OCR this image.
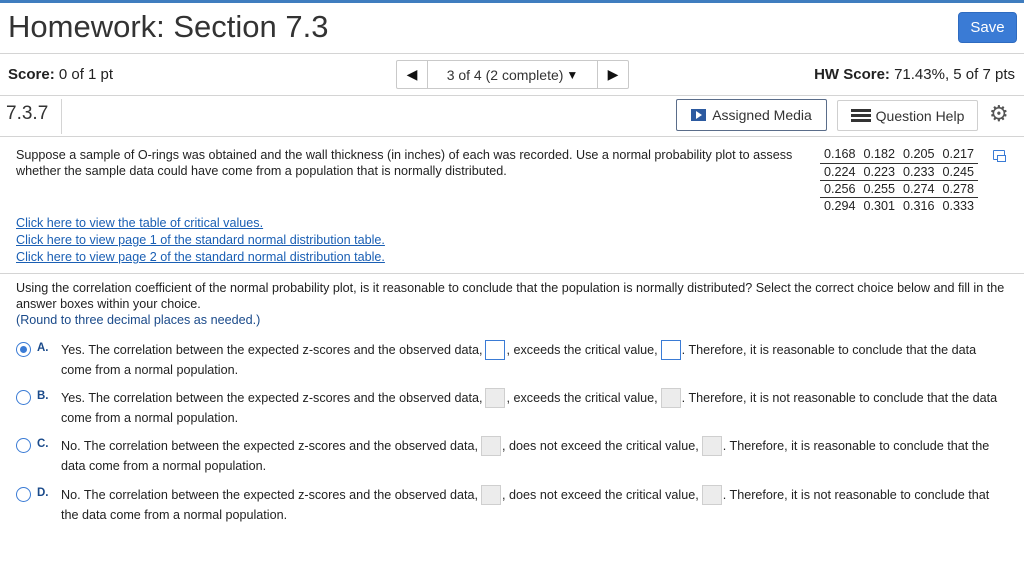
Homework: Section 7.3	Save
Score: 0 of 1 pt	◀ 3 of 4 (2 complete) ▼ ▶	HW Score: 71.43%, 5 of 7 pts
7.3.7	Assigned Media	Question Help ⚙
Suppose a sample of O-rings was obtained and the wall thickness (in inches) of each was recorded. Use a normal probability plot to assess whether the sample data could have come from a population that is normally distributed.
0.168	0.182	0.205	0.217
0.224	0.223	0.233	0.245
0.256	0.255	0.274	0.278
0.294	0.301	0.316	0.333
Click here to view the table of critical values.
Click here to view page 1 of the standard normal distribution table.
Click here to view page 2 of the standard normal distribution table.
Using the correlation coefficient of the normal probability plot, is it reasonable to conclude that the population is normally distributed? Select the correct choice below and fill in the answer boxes within your choice.
(Round to three decimal places as needed.)
A. Yes. The correlation between the expected z-scores and the observed data, , exceeds the critical value, . Therefore, it is reasonable to conclude that the data come from a normal population.
B. Yes. The correlation between the expected z-scores and the observed data, , exceeds the critical value, . Therefore, it is not reasonable to conclude that the data come from a normal population.
C. No. The correlation between the expected z-scores and the observed data, , does not exceed the critical value, . Therefore, it is reasonable to conclude that the data come from a normal population.
D. No. The correlation between the expected z-scores and the observed data, , does not exceed the critical value, . Therefore, it is not reasonable to conclude that the data come from a normal population.
